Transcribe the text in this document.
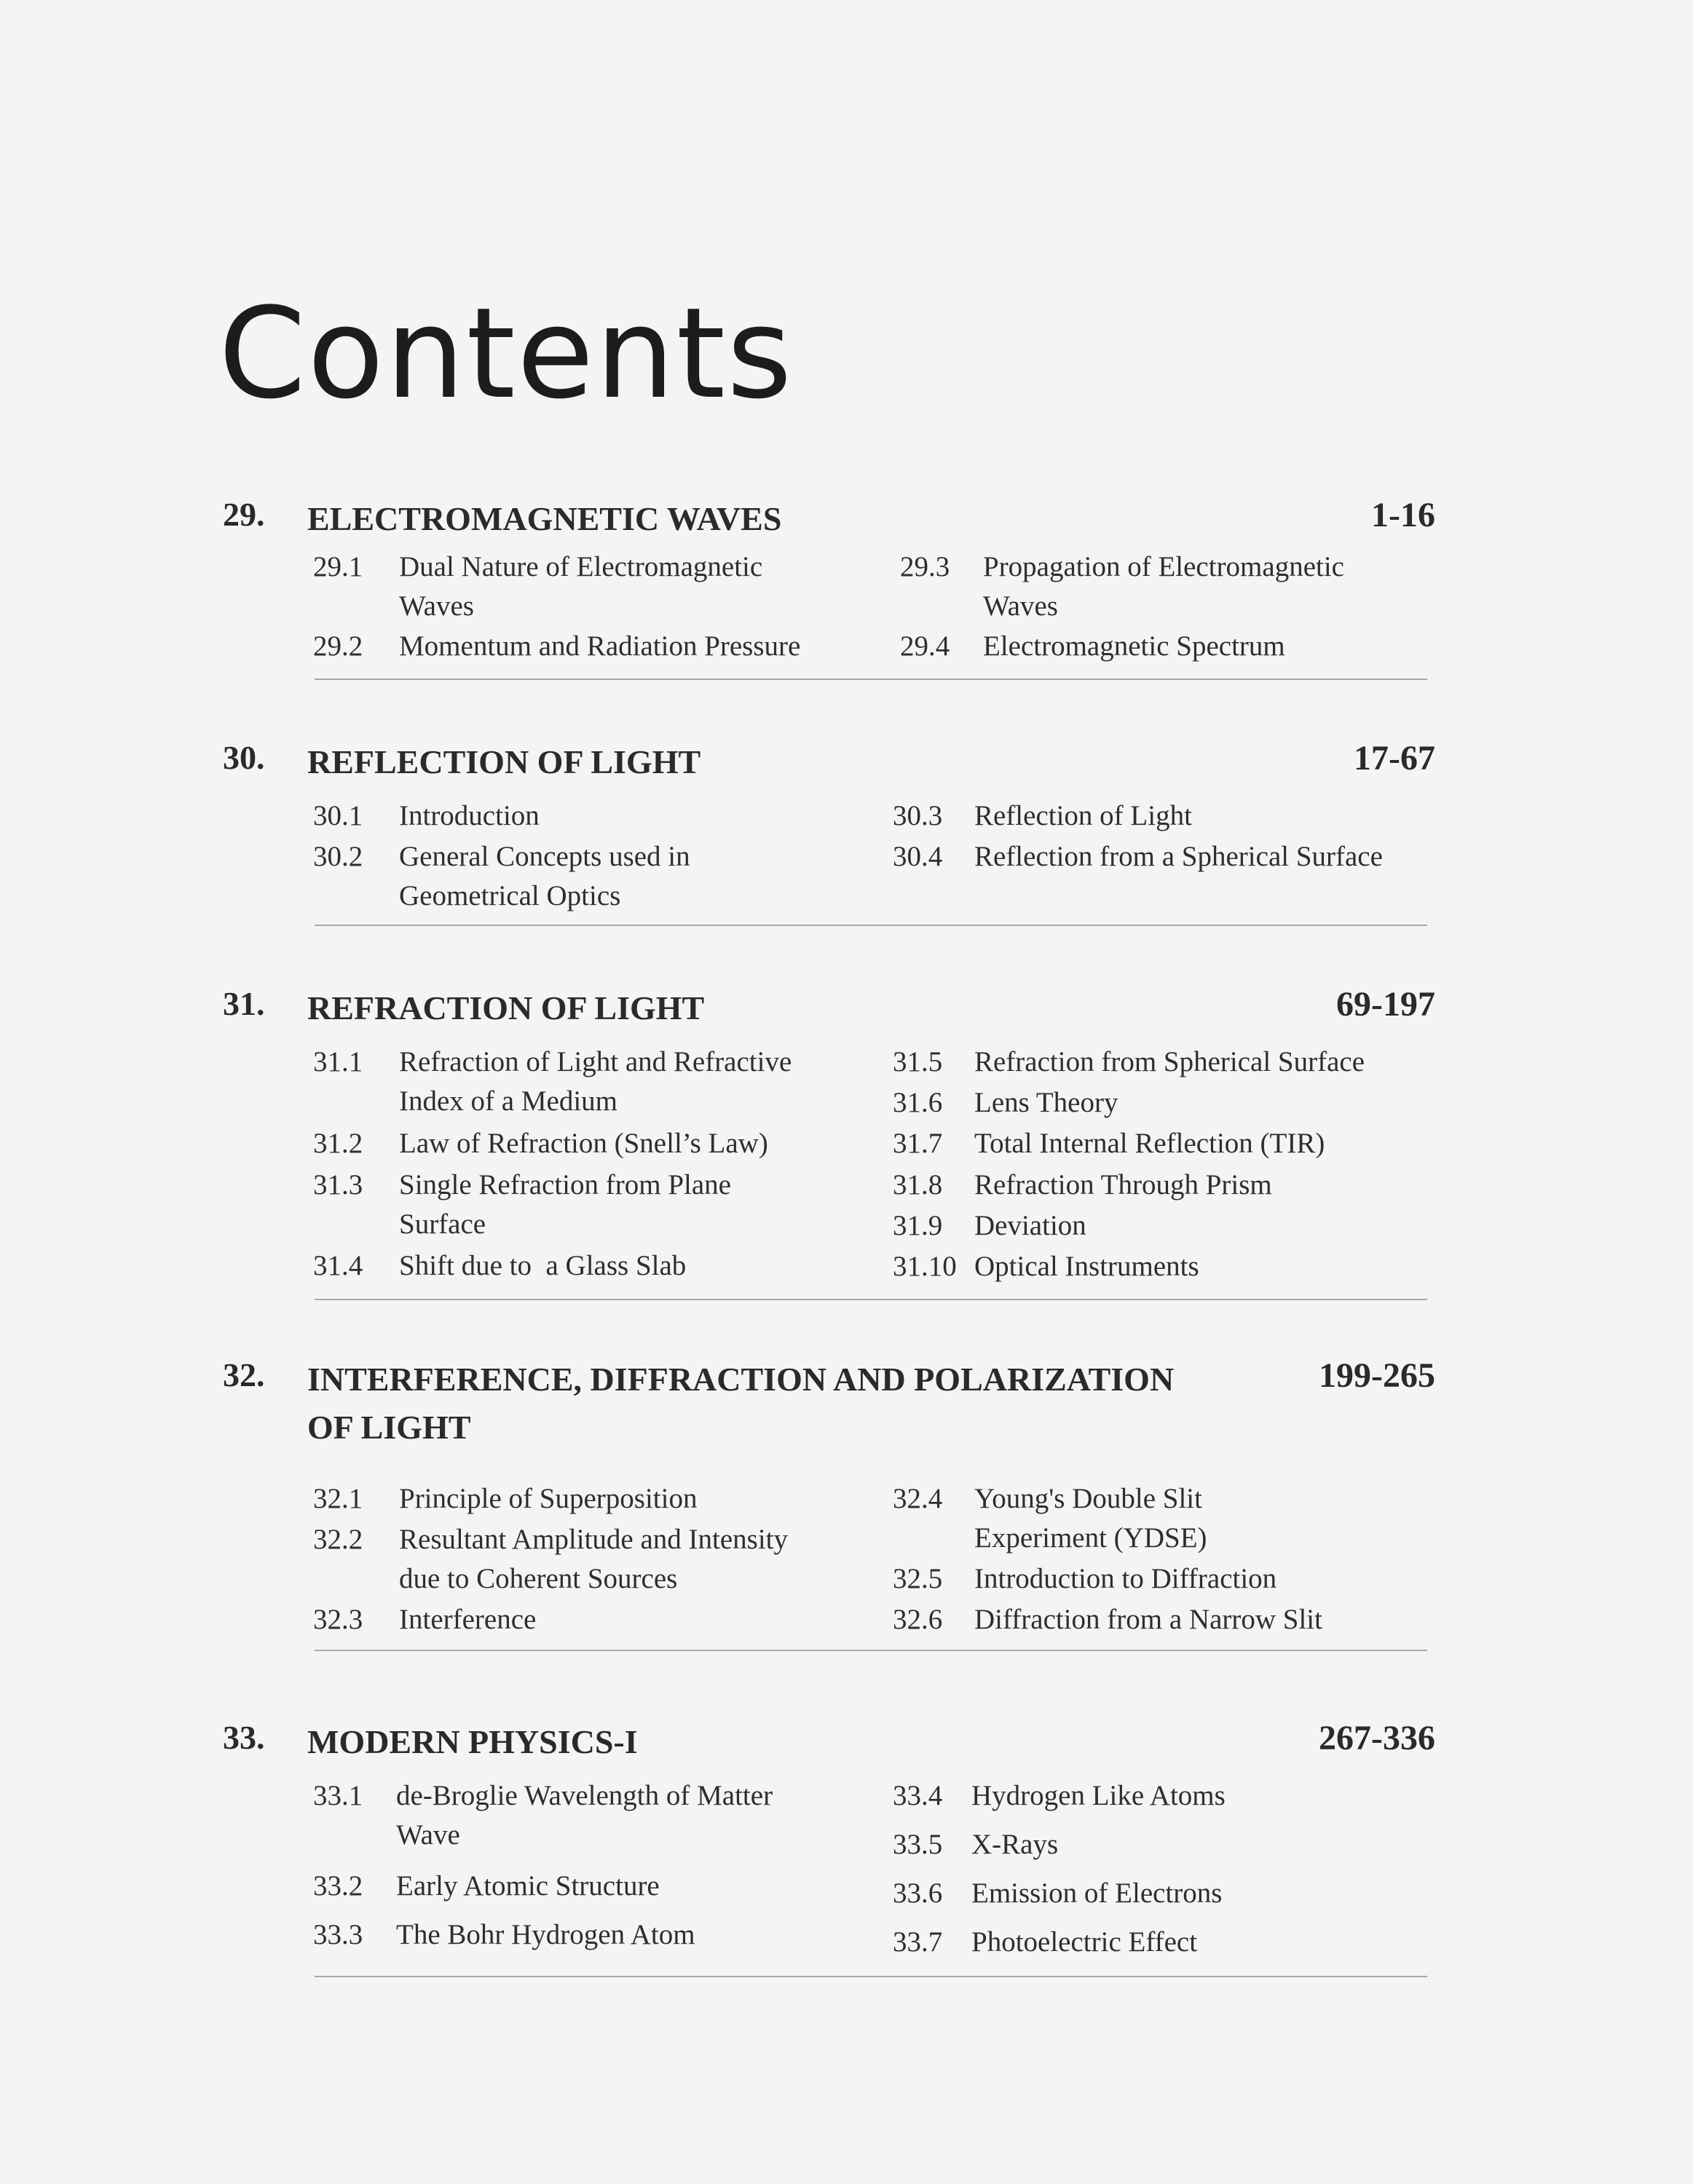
Contents
29. ELECTROMAGNETIC WAVES	1-16
29.1 Dual Nature of Electromagnetic Waves
29.2 Momentum and Radiation Pressure
29.3 Propagation of Electromagnetic Waves
29.4 Electromagnetic Spectrum
30. REFLECTION OF LIGHT	17-67
30.1 Introduction
30.2 General Concepts used in Geometrical Optics
30.3 Reflection of Light
30.4 Reflection from a Spherical Surface
31. REFRACTION OF LIGHT	69-197
31.1 Refraction of Light and Refractive Index of a Medium
31.2 Law of Refraction (Snell’s Law)
31.3 Single Refraction from Plane Surface
31.4 Shift due to  a Glass Slab
31.5 Refraction from Spherical Surface
31.6 Lens Theory
31.7 Total Internal Reflection (TIR)
31.8 Refraction Through Prism
31.9 Deviation
31.10 Optical Instruments
32. INTERFERENCE, DIFFRACTION AND POLARIZATION OF LIGHT
199-265
32.1 Principle of Superposition
32.2 Resultant Amplitude and Intensity due to Coherent Sources
32.3 Interference
32.4 Young's Double Slit Experiment (YDSE)
32.5 Introduction to Diffraction
32.6 Diffraction from a Narrow Slit
33. MODERN PHYSICS-I	267-336
33.1 de-Broglie Wavelength of Matter Wave
33.2 Early Atomic Structure
33.3 The Bohr Hydrogen Atom
33.4 Hydrogen Like Atoms
33.5 X-Rays
33.6 Emission of Electrons
33.7 Photoelectric Effect
